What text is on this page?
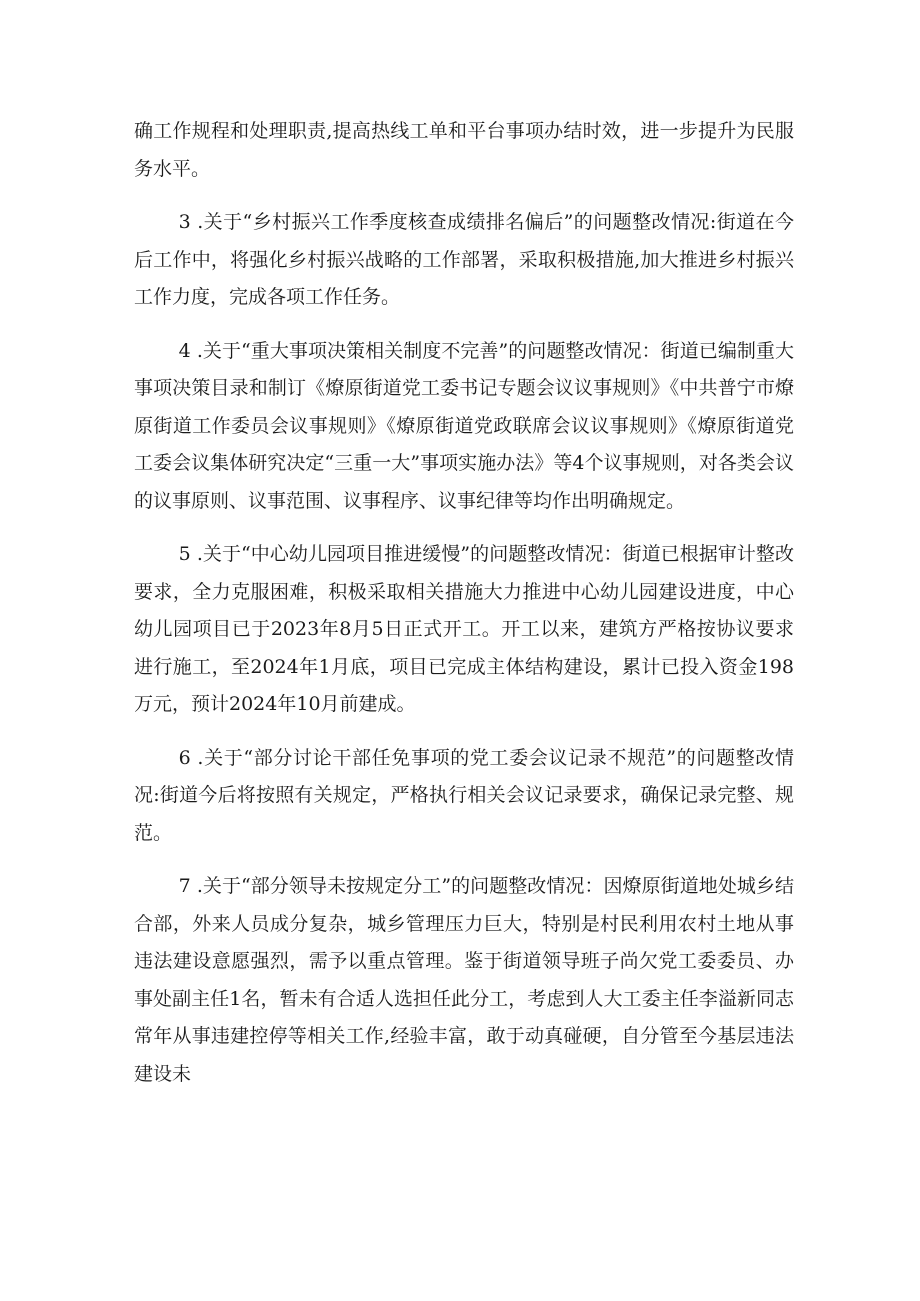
确工作规程和处理职责,提高热线工单和平台事项办结时效，进一步提升为民服务水平。

3 .关于“乡村振兴工作季度核查成绩排名偏后”的问题整改情况:街道在今后工作中，将强化乡村振兴战略的工作部署，采取积极措施,加大推进乡村振兴工作力度，完成各项工作任务。

4 .关于“重大事项决策相关制度不完善”的问题整改情况：街道已编制重大事项决策目录和制订《燎原街道党工委书记专题会议议事规则》《中共普宁市燎原街道工作委员会议事规则》《燎原街道党政联席会议议事规则》《燎原街道党工委会议集体研究决定“三重一大”事项实施办法》等4个议事规则，对各类会议的议事原则、议事范围、议事程序、议事纪律等均作出明确规定。

5 .关于“中心幼儿园项目推进缓慢”的问题整改情况：街道已根据审计整改要求，全力克服困难，积极采取相关措施大力推进中心幼儿园建设进度，中心幼儿园项目已于2023年8月5日正式开工。开工以来，建筑方严格按协议要求进行施工，至2024年1月底，项目已完成主体结构建设，累计已投入资金198万元，预计2024年10月前建成。

6 .关于“部分讨论干部任免事项的党工委会议记录不规范”的问题整改情况:街道今后将按照有关规定，严格执行相关会议记录要求，确保记录完整、规范。

7 .关于“部分领导未按规定分工”的问题整改情况：因燎原街道地处城乡结合部，外来人员成分复杂，城乡管理压力巨大，特别是村民利用农村土地从事违法建设意愿强烈，需予以重点管理。鉴于街道领导班子尚欠党工委委员、办事处副主任1名，暂未有合适人选担任此分工，考虑到人大工委主任李溢新同志常年从事违建控停等相关工作,经验丰富，敢于动真碰硬，自分管至今基层违法建设未
